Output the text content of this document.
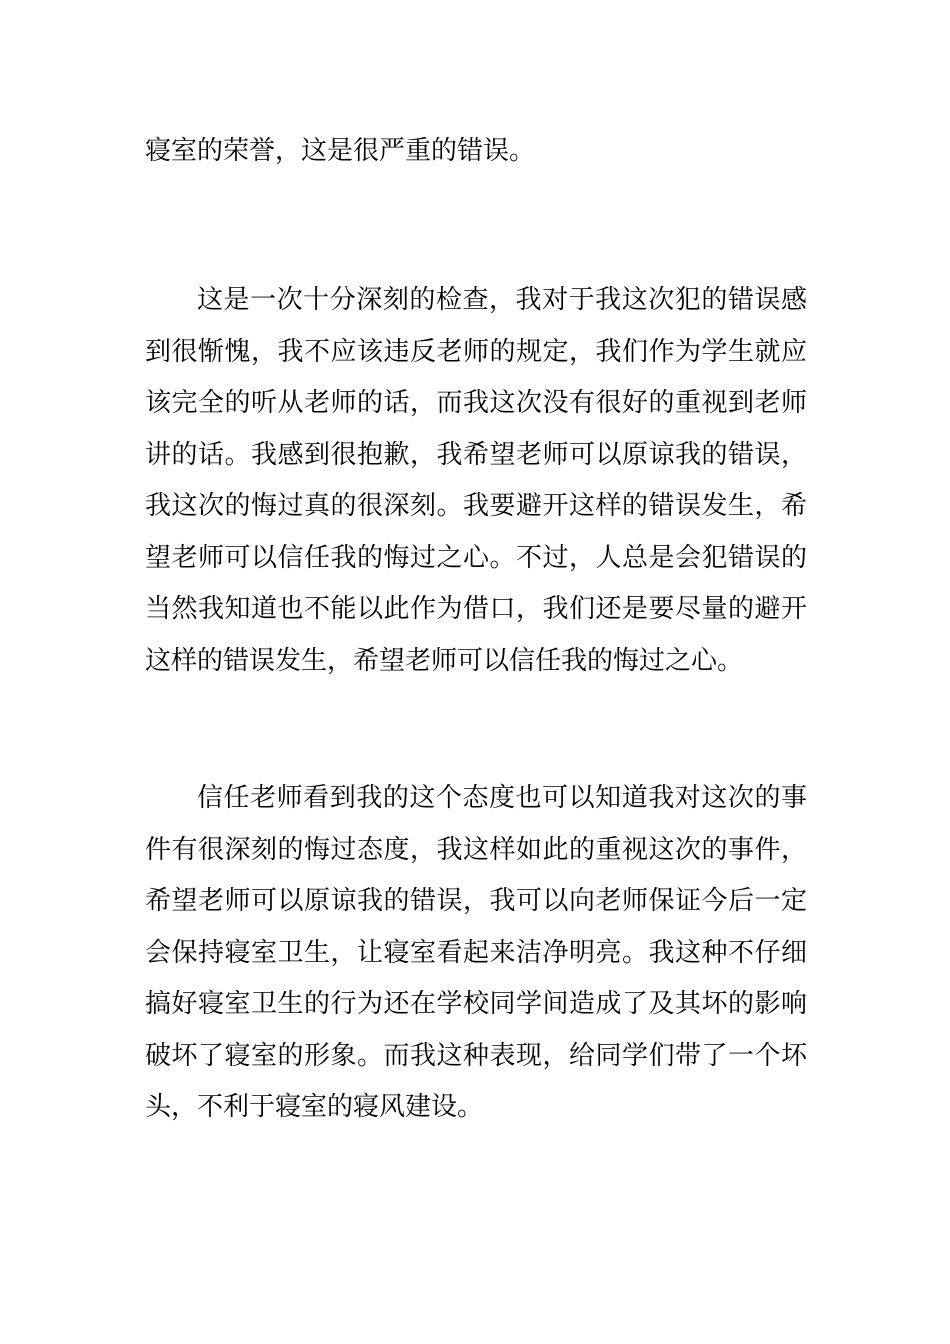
寝室的荣誉，这是很严重的错误。

这是一次十分深刻的检查，我对于我这次犯的错误感到很惭愧，我不应该违反老师的规定，我们作为学生就应该完全的听从老师的话，而我这次没有很好的重视到老师讲的话。我感到很抱歉，我希望老师可以原谅我的错误，我这次的悔过真的很深刻。我要避开这样的错误发生，希望老师可以信任我的悔过之心。不过，人总是会犯错误的当然我知道也不能以此作为借口，我们还是要尽量的避开这样的错误发生，希望老师可以信任我的悔过之心。

信任老师看到我的这个态度也可以知道我对这次的事件有很深刻的悔过态度，我这样如此的重视这次的事件，希望老师可以原谅我的错误，我可以向老师保证今后一定会保持寝室卫生，让寝室看起来洁净明亮。我这种不仔细搞好寝室卫生的行为还在学校同学间造成了及其坏的影响破坏了寝室的形象。而我这种表现，给同学们带了一个坏头，不利于寝室的寝风建设。
